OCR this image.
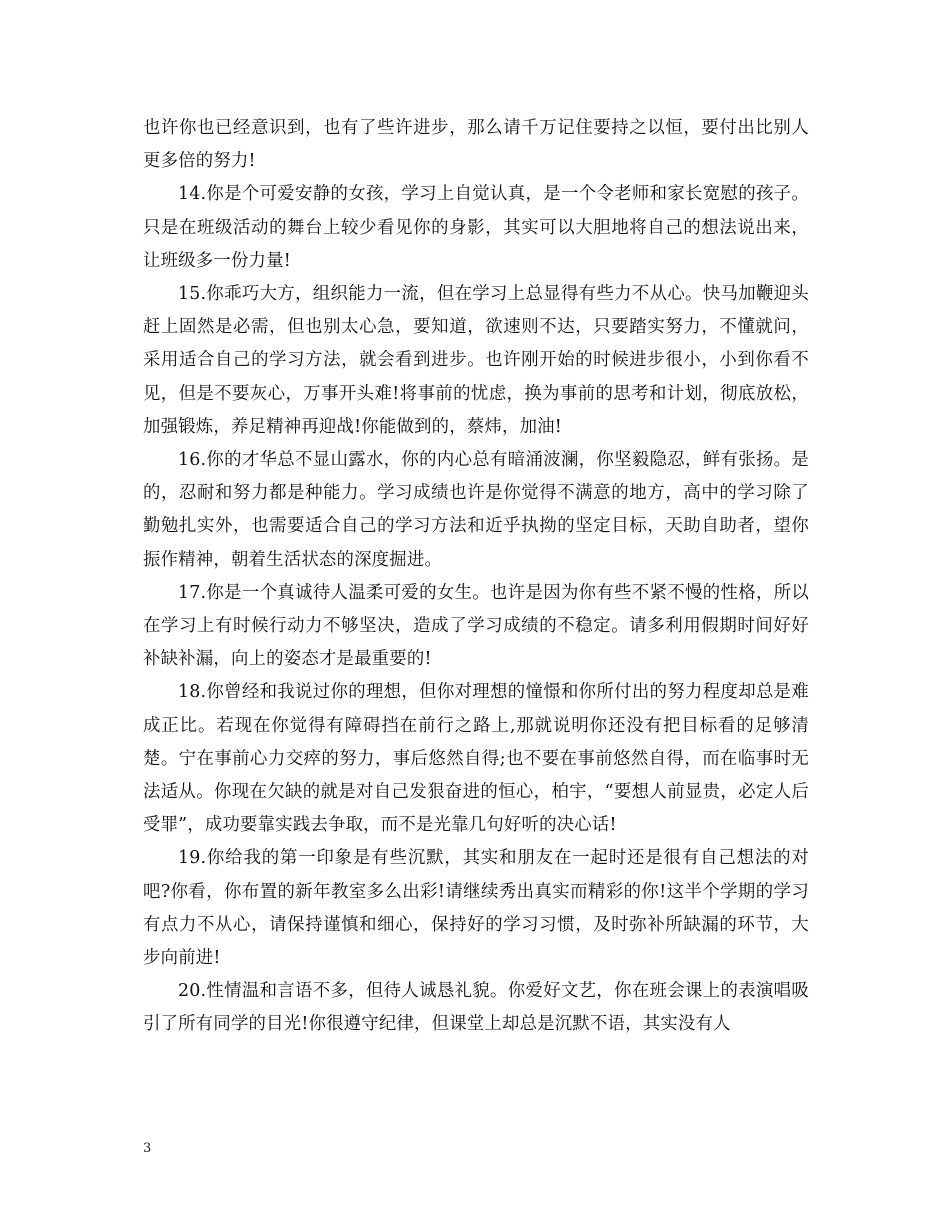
也许你也已经意识到，也有了些许进步，那么请千万记住要持之以恒，要付出比别人更多倍的努力!

14.你是个可爱安静的女孩，学习上自觉认真，是一个令老师和家长宽慰的孩子。只是在班级活动的舞台上较少看见你的身影，其实可以大胆地将自己的想法说出来，让班级多一份力量!

15.你乖巧大方，组织能力一流，但在学习上总显得有些力不从心。快马加鞭迎头赶上固然是必需，但也别太心急，要知道，欲速则不达，只要踏实努力，不懂就问，采用适合自己的学习方法，就会看到进步。也许刚开始的时候进步很小，小到你看不见，但是不要灰心，万事开头难!将事前的忧虑，换为事前的思考和计划，彻底放松，加强锻炼，养足精神再迎战!你能做到的，蔡炜，加油!

16.你的才华总不显山露水，你的内心总有暗涌波澜，你坚毅隐忍，鲜有张扬。是的，忍耐和努力都是种能力。学习成绩也许是你觉得不满意的地方，高中的学习除了勤勉扎实外，也需要适合自己的学习方法和近乎执拗的坚定目标，天助自助者，望你振作精神，朝着生活状态的深度掘进。

17.你是一个真诚待人温柔可爱的女生。也许是因为你有些不紧不慢的性格，所以在学习上有时候行动力不够坚决，造成了学习成绩的不稳定。请多利用假期时间好好补缺补漏，向上的姿态才是最重要的!

18.你曾经和我说过你的理想，但你对理想的憧憬和你所付出的努力程度却总是难成正比。若现在你觉得有障碍挡在前行之路上,那就说明你还没有把目标看的足够清楚。宁在事前心力交瘁的努力，事后悠然自得;也不要在事前悠然自得，而在临事时无法适从。你现在欠缺的就是对自己发狠奋进的恒心，柏宇，“要想人前显贵，必定人后受罪”，成功要靠实践去争取，而不是光靠几句好听的决心话!

19.你给我的第一印象是有些沉默，其实和朋友在一起时还是很有自己想法的对吧?你看，你布置的新年教室多么出彩!请继续秀出真实而精彩的你!这半个学期的学习有点力不从心，请保持谨慎和细心，保持好的学习习惯，及时弥补所缺漏的环节，大步向前进!

20.性情温和言语不多，但待人诚恳礼貌。你爱好文艺，你在班会课上的表演唱吸引了所有同学的目光!你很遵守纪律，但课堂上却总是沉默不语，其实没有人

3
